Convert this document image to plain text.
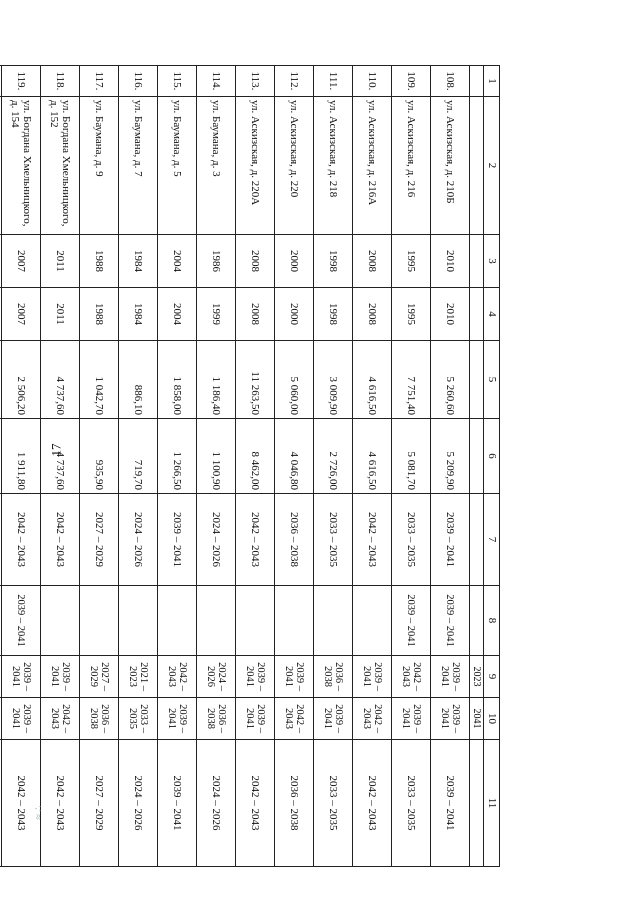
17
1	2	3	4	5	6	7	8	9	10	11
								2023	2041	
108.	ул. Аскизская, д. 210Б	2010	2010	5 260,60	5 209,90	2039 – 2041	2039 – 2041	2039 – 2041	2039 – 2041	2039 – 2041
109.	ул. Аскизская, д. 216	1995	1995	7 751,40	5 081,70	2033 – 2035	2039 – 2041	2042 – 2043	2039 – 2041	2033 – 2035
110.	ул. Аскизская, д. 216А	2008	2008	4 616,50	4 616,50	2042 – 2043		2039 – 2041	2042 – 2043	2042 – 2043
111.	ул. Аскизская, д. 218	1998	1998	3 009,90	2 726,00	2033 – 2035		2036 – 2038	2039 – 2041	2033 – 2035
112.	ул. Аскизская, д. 220	2000	2000	5 060,00	4 046,80	2036 – 2038		2039 – 2041	2042 – 2043	2036 – 2038
113.	ул. Аскизская, д. 220А	2008	2008	11 263,50	8 462,00	2042 – 2043		2039 – 2041	2039 – 2041	2042 – 2043
114.	ул. Баумана, д. 3	1986	1999	1 186,40	1 100,90	2024 – 2026		2024 – 2026	2036 – 2038	2024 – 2026
115.	ул. Баумана, д. 5	2004	2004	1 858,00	1 266,50	2039 – 2041		2042 – 2043	2039 – 2041	2039 – 2041
116.	ул. Баумана, д. 7	1984	1984	886,10	719,70	2024 – 2026		2021 – 2023	2033 – 2035	2024 – 2026
117.	ул. Баумана, д. 9	1988	1988	1 042,70	935,90	2027 – 2029		2027 – 2029	2036 – 2038	2027 – 2029
118.	ул. Богдана Хмельницкого, д. 152	2011	2011	4 737,60	4 737,60	2042 – 2043		2039 – 2041	2042 – 2043	2042 – 2043
119.	ул. Богдана Хмельницкого, д. 154	2007	2007	2 506,20	1 911,80	2042 – 2043	2039 – 2041	2039 – 2041	2039 – 2041	2042 – 2043

										≈ ∴
